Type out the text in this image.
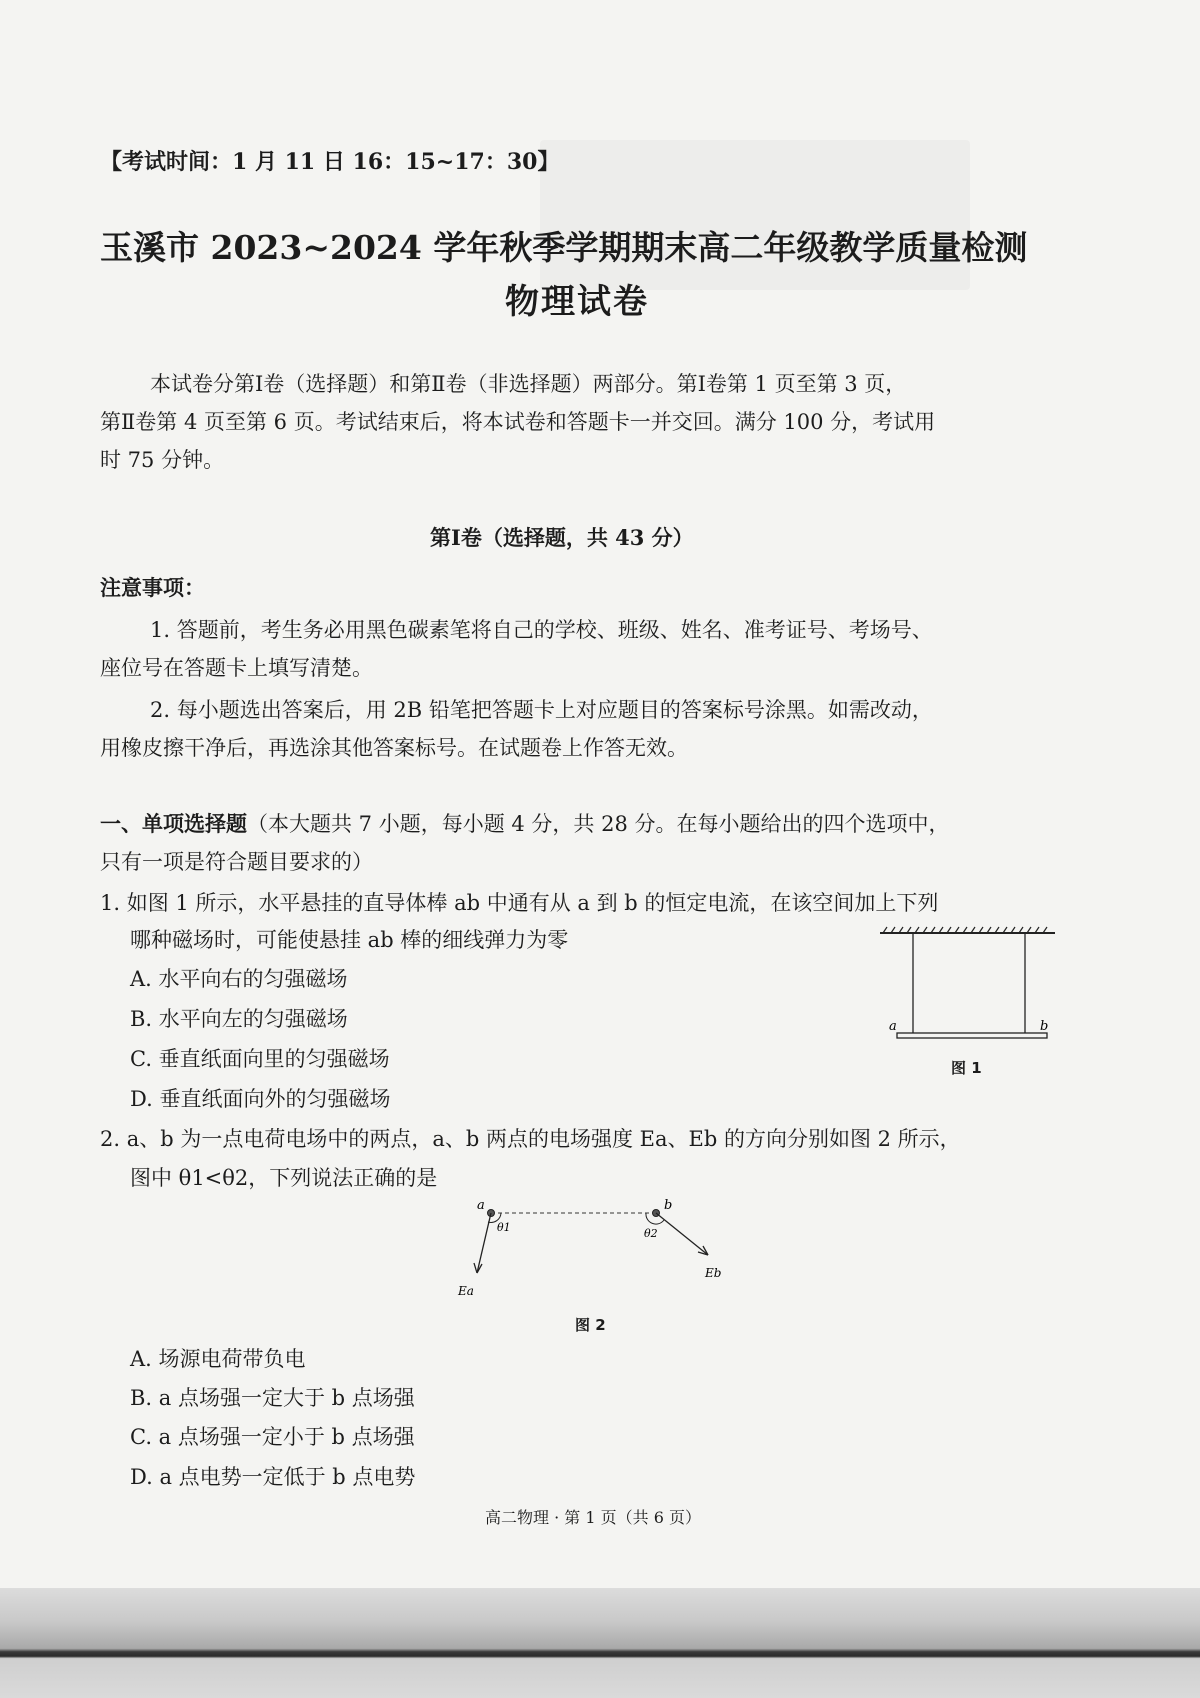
【考试时间：1 月 11 日 16：15~17：30】
玉溪市 2023~2024 学年秋季学期期末高二年级教学质量检测
物理试卷
本试卷分第Ⅰ卷（选择题）和第Ⅱ卷（非选择题）两部分。第Ⅰ卷第 1 页至第 3 页，
第Ⅱ卷第 4 页至第 6 页。考试结束后，将本试卷和答题卡一并交回。满分 100 分，考试用
时 75 分钟。
第Ⅰ卷（选择题，共 43 分）
注意事项：
1. 答题前，考生务必用黑色碳素笔将自己的学校、班级、姓名、准考证号、考场号、
座位号在答题卡上填写清楚。
2. 每小题选出答案后，用 2B 铅笔把答题卡上对应题目的答案标号涂黑。如需改动，
用橡皮擦干净后，再选涂其他答案标号。在试题卷上作答无效。
一、单项选择题（本大题共 7 小题，每小题 4 分，共 28 分。在每小题给出的四个选项中，
只有一项是符合题目要求的）
1. 如图 1 所示，水平悬挂的直导体棒 ab 中通有从 a 到 b 的恒定电流，在该空间加上下列
哪种磁场时，可能使悬挂 ab 棒的细线弹力为零
A. 水平向右的匀强磁场
B. 水平向左的匀强磁场
C. 垂直纸面向里的匀强磁场
D. 垂直纸面向外的匀强磁场
a	b
图 1
2. a、b 为一点电荷电场中的两点，a、b 两点的电场强度 Ea、Eb 的方向分别如图 2 所示，
图中 θ1<θ2，下列说法正确的是
a	b
θ1	θ2
Ea
Eb
图 2
A. 场源电荷带负电
B. a 点场强一定大于 b 点场强
C. a 点场强一定小于 b 点场强
D. a 点电势一定低于 b 点电势
高二物理 · 第 1 页（共 6 页）
